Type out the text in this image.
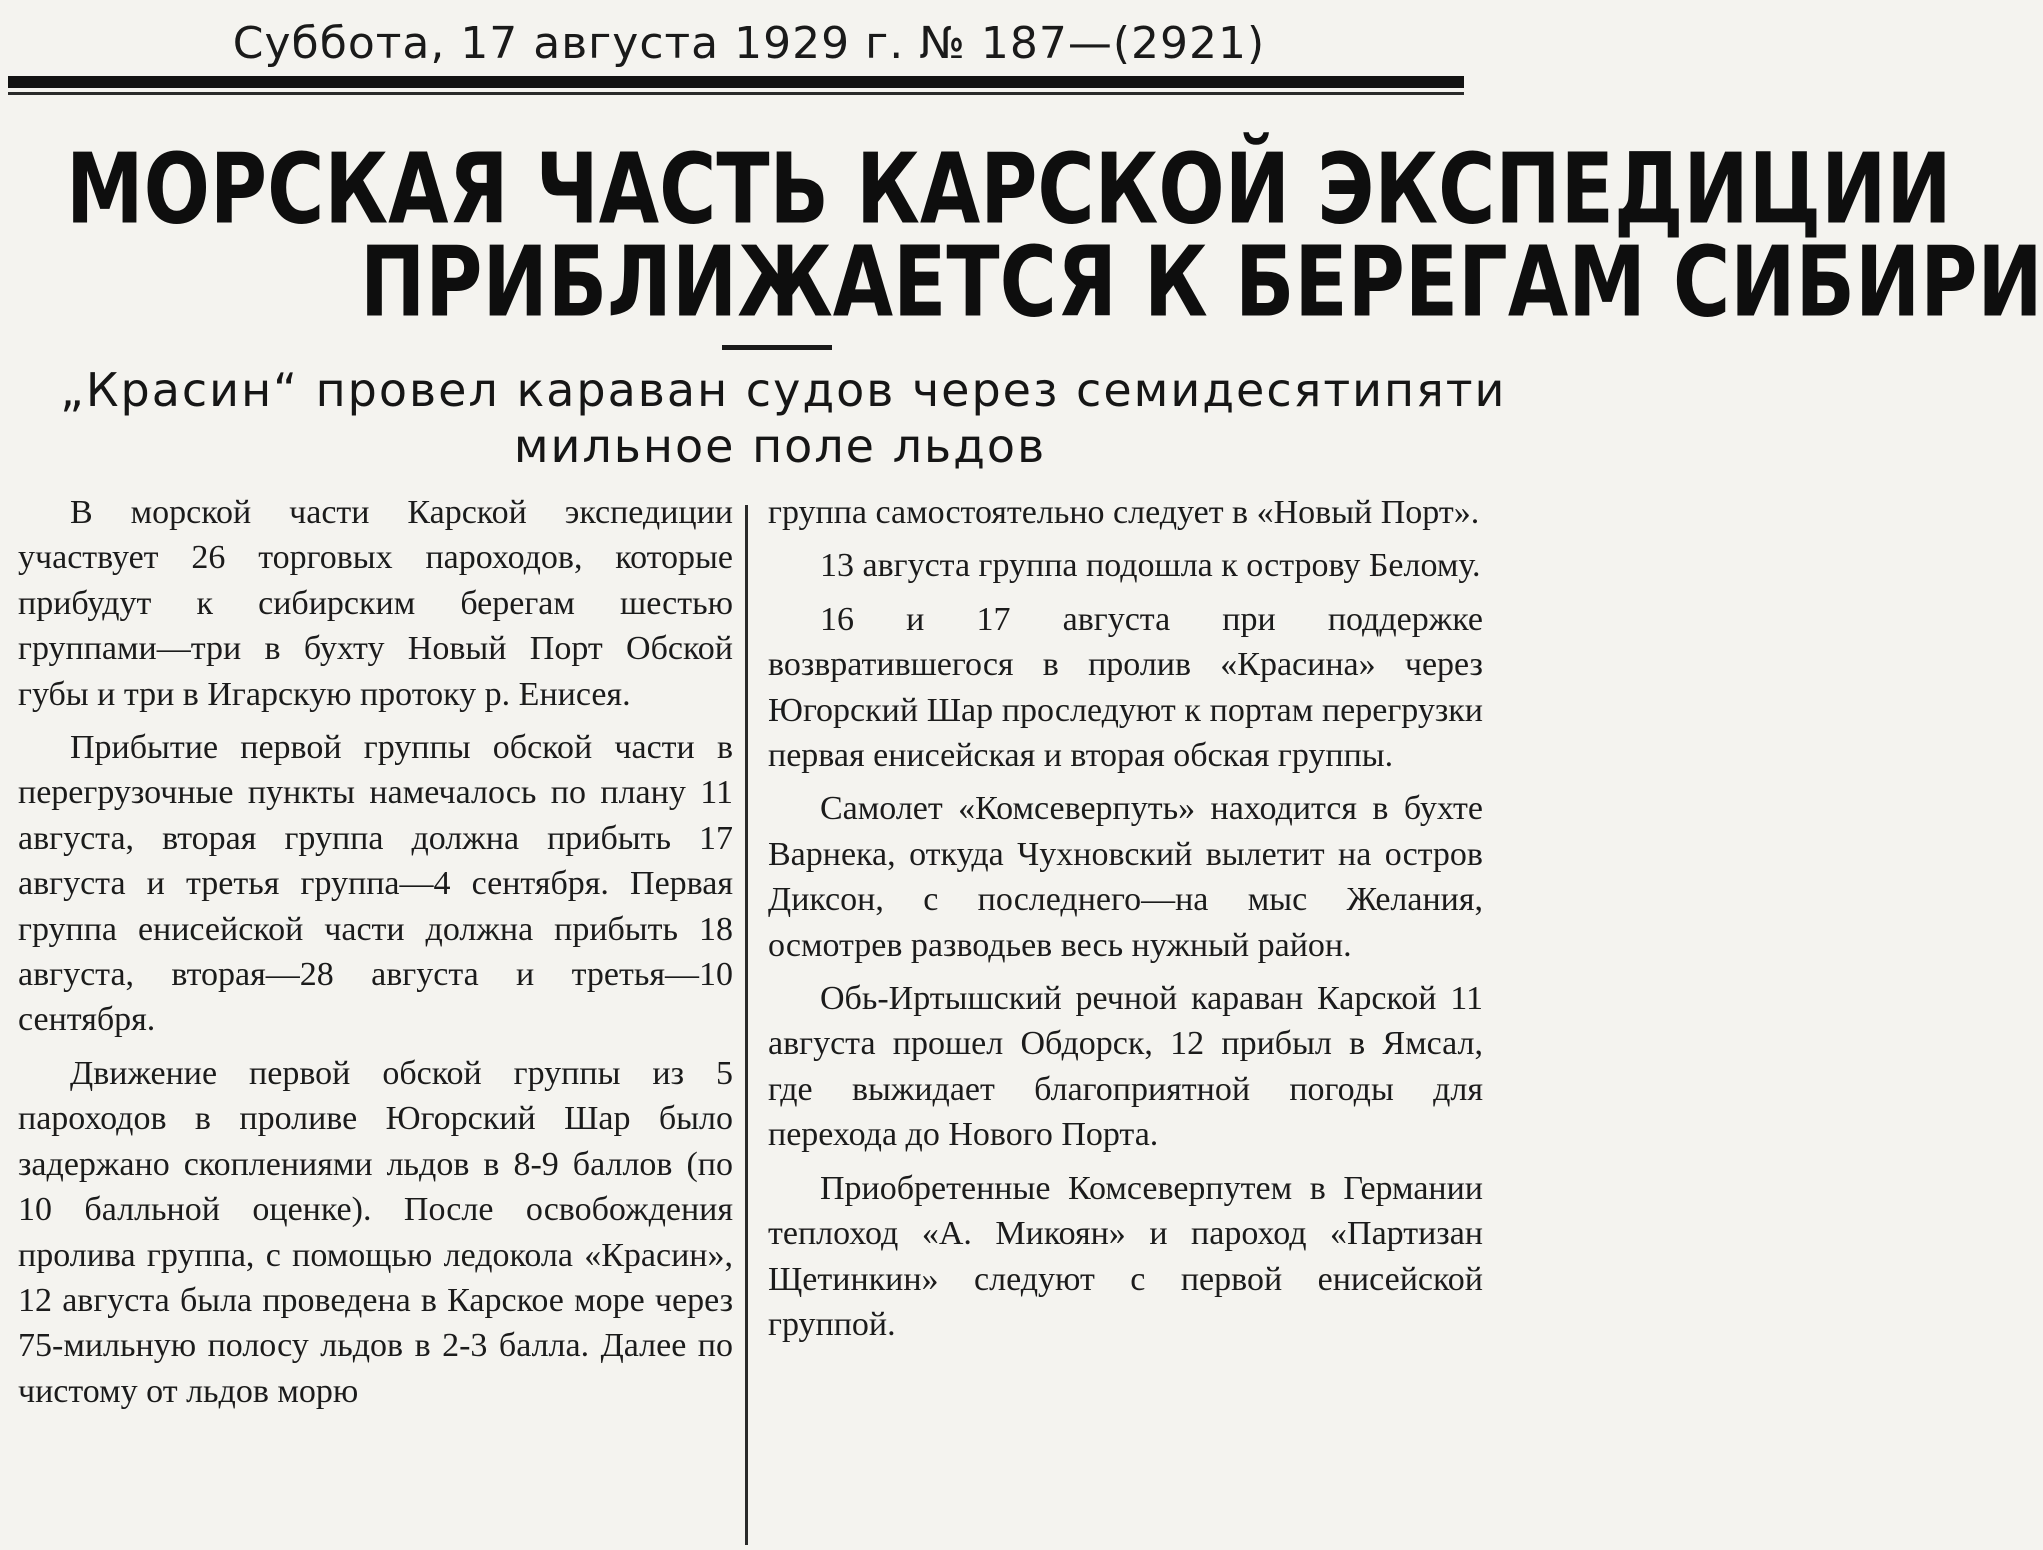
Суббота, 17 августа 1929 г. № 187—(2921)
МОРСКАЯ ЧАСТЬ КАРСКОЙ ЭКСПЕДИЦИИ
ПРИБЛИЖАЕТСЯ К БЕРЕГАМ СИБИРИ
„Красин“ провел караван судов через семидесятипяти
мильное поле льдов

В морской части Карской экспедиции участвует 26 торговых пароходов, которые прибудут к сибирским берегам шестью группами—три в бухту Новый Порт Обской губы и три в Игарскую протоку р. Енисея.

Прибытие первой группы обской части в перегрузочные пункты намечалось по плану 11 августа, вторая группа должна прибыть 17 августа и третья группа—4 сентября. Первая группа енисейской части должна прибыть 18 августа, вторая—28 августа и третья—10 сентября.

Движение первой обской группы из 5 пароходов в проливе Югорский Шар было задержано скоплениями льдов в 8-9 баллов (по 10 балльной оценке). После освобождения пролива группа, с помощью ледокола «Красин», 12 августа была проведена в Карское море через 75-мильную полосу льдов в 2-3 балла. Далее по чистому от льдов морю

группа самостоятельно следует в «Новый Порт».

13 августа группа подошла к острову Белому.

16 и 17 августа при поддержке возвратившегося в пролив «Красина» через Югорский Шар проследуют к портам перегрузки первая енисейская и вторая обская группы.

Самолет «Комсеверпуть» находится в бухте Варнека, откуда Чухновский вылетит на остров Диксон, с последнего—на мыс Желания, осмотрев разводьев весь нужный район.

Обь-Иртышский речной караван Карской 11 августа прошел Обдорск, 12 прибыл в Ямсал, где выжидает благоприятной погоды для перехода до Нового Порта.

Приобретенные Комсеверпутем в Германии теплоход «А. Микоян» и пароход «Партизан Щетинкин» следуют с первой енисейской группой.
